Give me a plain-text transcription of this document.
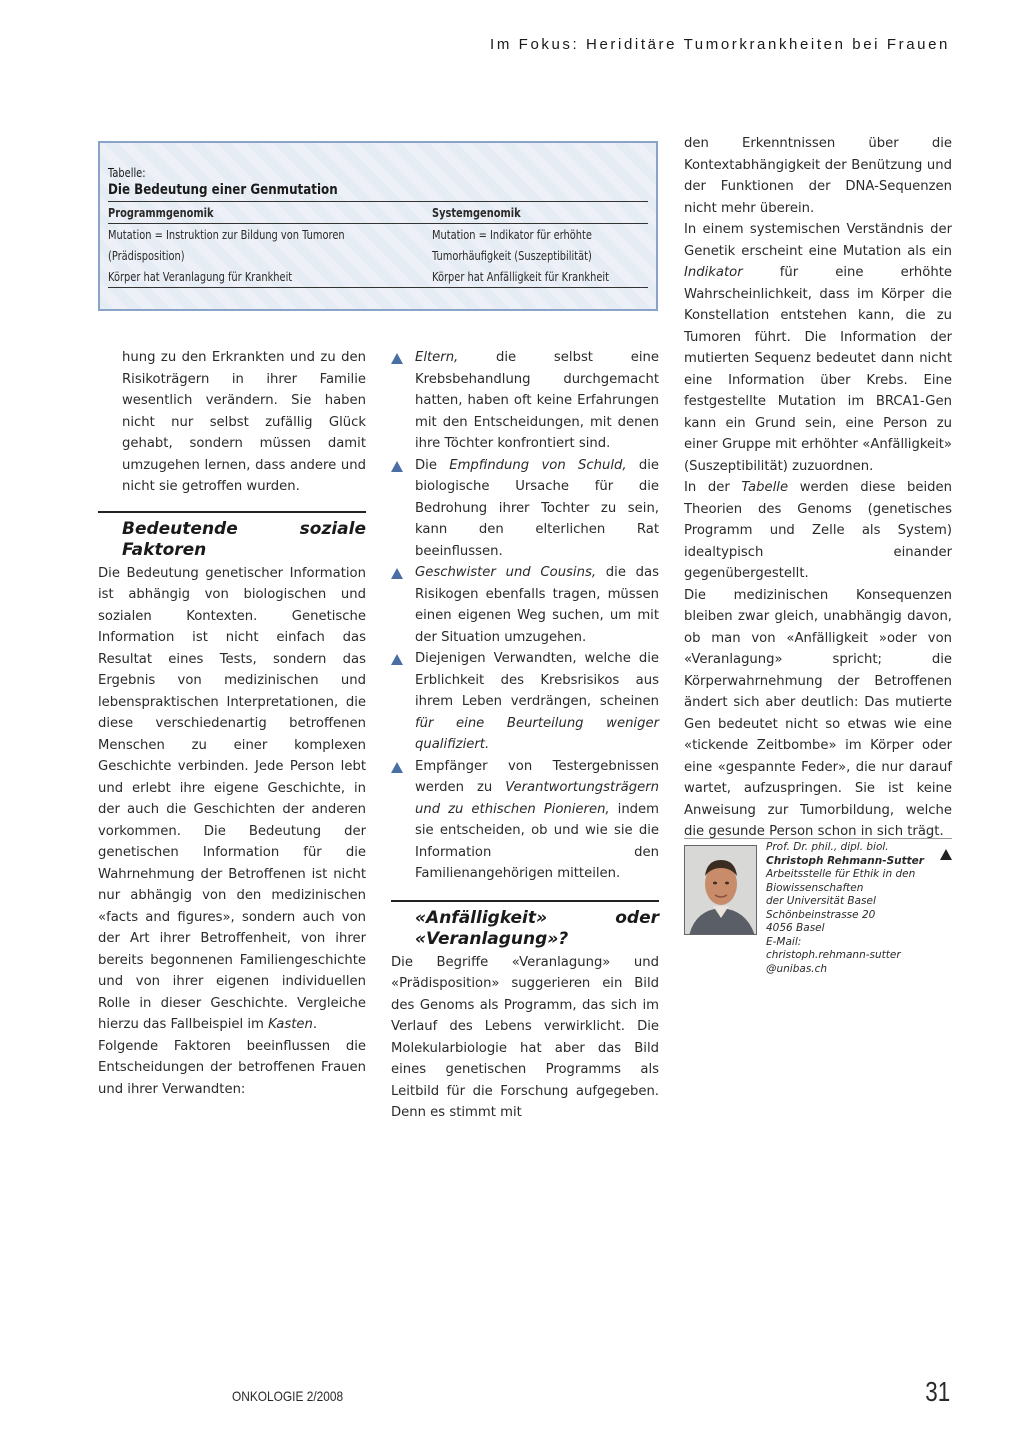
Im Fokus: Heriditäre Tumorkrankheiten bei Frauen
Tabelle:
Die Bedeutung einer Genmutation
Programmgenomik	Systemgenomik
Mutation = Instruktion zur Bildung von Tumoren	Mutation = Indikator für erhöhte
(Prädisposition)	Tumorhäufigkeit (Suszeptibilität)
Körper hat Veranlagung für Krankheit	Körper hat Anfälligkeit für Krankheit

hung zu den Erkrankten und zu den Risikoträgern in ihrer Familie wesentlich verändern. Sie haben nicht nur selbst zufällig Glück gehabt, sondern müssen damit umzugehen lernen, dass andere und nicht sie getroffen wurden.

Bedeutende soziale Faktoren

Die Bedeutung genetischer Information ist abhängig von biologischen und sozialen Kontexten. Genetische Information ist nicht einfach das Resultat eines Tests, sondern das Ergebnis von medizinischen und lebenspraktischen Interpretationen, die diese verschiedenartig betroffenen Menschen zu einer komplexen Geschichte verbinden. Jede Person lebt und erlebt ihre eigene Geschichte, in der auch die Geschichten der anderen vorkommen. Die Bedeutung der genetischen Information für die Wahrnehmung der Betroffenen ist nicht nur abhängig von den medizinischen «facts and figures», sondern auch von der Art ihrer Betroffenheit, von ihrer bereits begonnenen Familiengeschichte und von ihrer eigenen individuellen Rolle in dieser Geschichte. Vergleiche hierzu das Fallbeispiel im Kasten.

Folgende Faktoren beeinflussen die Entscheidungen der betroffenen Frauen und ihrer Verwandten:

Eltern, die selbst eine Krebsbehandlung durchgemacht hatten, haben oft keine Erfahrungen mit den Entscheidungen, mit denen ihre Töchter konfrontiert sind.

Die Empfindung von Schuld, die biologische Ursache für die Bedrohung ihrer Tochter zu sein, kann den elterlichen Rat beeinflussen.

Geschwister und Cousins, die das Risikogen ebenfalls tragen, müssen einen eigenen Weg suchen, um mit der Situation umzugehen.

Diejenigen Verwandten, welche die Erblichkeit des Krebsrisikos aus ihrem Leben verdrängen, scheinen für eine Beurteilung weniger qualifiziert.

Empfänger von Testergebnissen werden zu Verantwortungsträgern und zu ethischen Pionieren, indem sie entscheiden, ob und wie sie die Information den Familienangehörigen mitteilen.

«Anfälligkeit» oder «Veranlagung»?

Die Begriffe «Veranlagung» und «Prädisposition» suggerieren ein Bild des Genoms als Programm, das sich im Verlauf des Lebens verwirklicht. Die Molekularbiologie hat aber das Bild eines genetischen Programms als Leitbild für die Forschung aufgegeben. Denn es stimmt mit

den Erkenntnissen über die Kontextabhängigkeit der Benützung und der Funktionen der DNA-Sequenzen nicht mehr überein.

In einem systemischen Verständnis der Genetik erscheint eine Mutation als ein Indikator für eine erhöhte Wahrscheinlichkeit, dass im Körper die Konstellation entstehen kann, die zu Tumoren führt. Die Information der mutierten Sequenz bedeutet dann nicht eine Information über Krebs. Eine festgestellte Mutation im BRCA1-Gen kann ein Grund sein, eine Person zu einer Gruppe mit erhöhter «Anfälligkeit» (Suszeptibilität) zuzuordnen.

In der Tabelle werden diese beiden Theorien des Genoms (genetisches Programm und Zelle als System) idealtypisch einander gegenübergestellt.

Die medizinischen Konsequenzen bleiben zwar gleich, unabhängig davon, ob man von «Anfälligkeit »oder von «Veranlagung» spricht; die Körperwahrnehmung der Betroffenen ändert sich aber deutlich: Das mutierte Gen bedeutet nicht so etwas wie eine «tickende Zeitbombe» im Körper oder eine «gespannte Feder», die nur darauf wartet, aufzuspringen. Sie ist keine Anweisung zur Tumorbildung, welche die gesunde Person schon in sich trägt.

Prof. Dr. phil., dipl. biol.
Christoph Rehmann-Sutter
Arbeitsstelle für Ethik in den
Biowissenschaften
der Universität Basel
Schönbeinstrasse 20
4056 Basel
E-Mail:
christoph.rehmann-sutter
@unibas.ch
ONKOLOGIE 2/2008	31
